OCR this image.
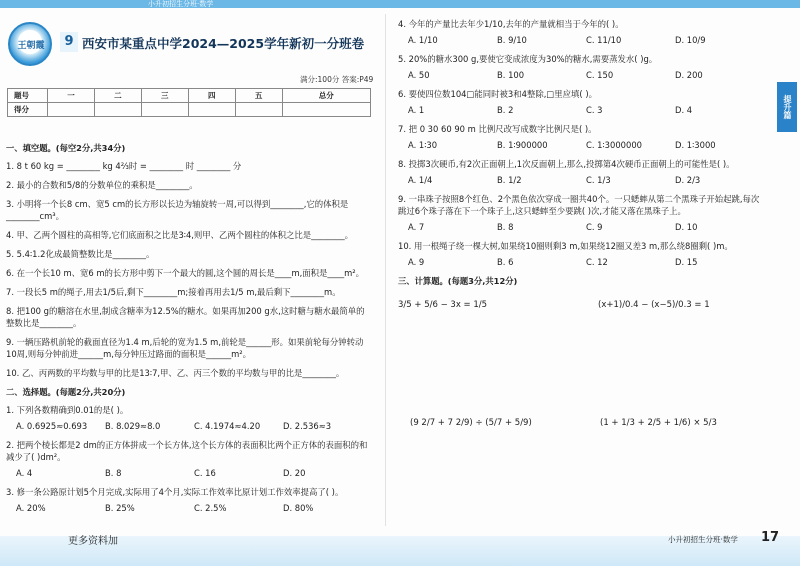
小升初招生分班·数学
王朝霞	9 西安市某重点中学2024—2025学年新初一分班卷
满分:100分 答案:P49
题号	一	二	三	四	五	总分
得分						
一、填空题。(每空2分,共34分)
1. 8 t 60 kg = ________ kg 4⅔时 = ________ 时 ________ 分
2. 最小的合数和5/8的分数单位的乘积是________。
3. 小明将一个长8 cm、宽5 cm的长方形以长边为轴旋转一周,可以得到________,它的体积是________cm³。
4. 甲、乙两个圆柱的高相等,它们底面积之比是3∶4,则甲、乙两个圆柱的体积之比是________。
5. 5.4∶1.2化成最简整数比是________。
6. 在一个长10 m、宽6 m的长方形中剪下一个最大的圆,这个圆的周长是____m,面积是____m²。
7. 一段长5 m的绳子,用去1/5后,剩下________m;接着再用去1/5 m,最后剩下________m。
8. 把100 g的糖溶在水里,制成含糖率为12.5%的糖水。如果再加200 g水,这时糖与糖水最简单的整数比是________。
9. 一辆压路机前轮的截面直径为1.4 m,后轮的宽为1.5 m,前轮是______形。如果前轮每分钟转动10周,则每分钟前进______m,每分钟压过路面的面积是______m²。
10. 乙、丙两数的平均数与甲的比是13∶7,甲、乙、丙三个数的平均数与甲的比是________。
二、选择题。(每题2分,共20分)
1. 下列各数精确到0.01的是( )。
A. 0.6925≈0.693	B. 8.029≈8.0	C. 4.1974≈4.20	D. 2.536≈3
2. 把两个棱长都是2 dm的正方体拼成一个长方体,这个长方体的表面积比两个正方体的表面积的和减少了( )dm²。
A. 4	B. 8	C. 16	D. 20
3. 修一条公路原计划5个月完成,实际用了4个月,实际工作效率比原计划工作效率提高了( )。
A. 20%	B. 25%	C. 2.5%	D. 80%
4. 今年的产量比去年少1/10,去年的产量就相当于今年的( )。
A. 1/10	B. 9/10	C. 11/10	D. 10/9
5. 20%的糖水300 g,要使它变成浓度为30%的糖水,需要蒸发水( )g。
A. 50	B. 100	C. 150	D. 200
6. 要使四位数104□能同时被3和4整除,□里应填( )。
A. 1	B. 2	C. 3	D. 4
7. 把 0 30 60 90 m 比例尺改写成数字比例尺是( )。
A. 1∶30	B. 1∶900000	C. 1∶3000000	D. 1∶3000
8. 投掷3次硬币,有2次正面朝上,1次反面朝上,那么,投掷第4次硬币正面朝上的可能性是( )。
A. 1/4	B. 1/2	C. 1/3	D. 2/3
9. 一串珠子按照8个红色、2个黑色依次穿成一圈共40个。一只蟋蟀从第二个黑珠子开始起跳,每次跳过6个珠子落在下一个珠子上,这只蟋蟀至少要跳( )次,才能又落在黑珠子上。
A. 7	B. 8	C. 9	D. 10
10. 用一根绳子绕一棵大树,如果绕10圈则剩3 m,如果绕12圈又差3 m,那么绕8圈剩( )m。
A. 9	B. 6	C. 12	D. 15
三、计算题。(每题3分,共12分)
3/5 + 5/6 − 3x = 1/5	(x+1)/0.4 − (x−5)/0.3 = 1
(9 2/7 + 7 2/9) ÷ (5/7 + 5/9)	(1 + 1/3 + 2/5 + 1/6) × 5/3
提升篇
更多资料加	小升初招生分班·数学 17
